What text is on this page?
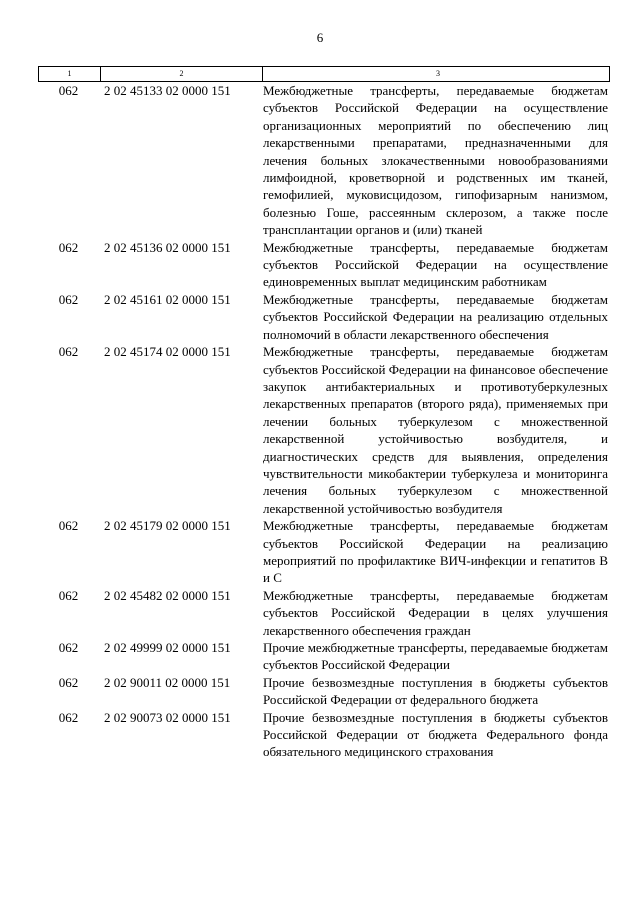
6
1	2	3
062	2 02 45133 02 0000 151	Межбюджетные трансферты, передаваемые бюджетам субъектов Российской Федерации на осуществление организационных мероприятий по обеспечению лиц лекарственными препаратами, предназначенными для лечения больных злокачественными новообразованиями лимфоидной, кроветворной и родственных им тканей, гемофилией, муковисцидозом, гипофизарным нанизмом, болезнью Гоше, рассеянным склерозом, а также после трансплантации органов и (или) тканей
062	2 02 45136 02 0000 151	Межбюджетные трансферты, передаваемые бюджетам субъектов Российской Федерации на осуществление единовременных выплат медицинским работникам
062	2 02 45161 02 0000 151	Межбюджетные трансферты, передаваемые бюджетам субъектов Российской Федерации на реализацию отдельных полномочий в области лекарственного обеспечения
062	2 02 45174 02 0000 151	Межбюджетные трансферты, передаваемые бюджетам субъектов Российской Федерации на финансовое обеспечение закупок антибактериальных и противотуберкулезных лекарственных препаратов (второго ряда), применяемых при лечении больных туберкулезом с множественной лекарственной устойчивостью возбудителя, и диагностических средств для выявления, определения чувствительности микобактерии туберкулеза и мониторинга лечения больных туберкулезом с множественной лекарственной устойчивостью возбудителя
062	2 02 45179 02 0000 151	Межбюджетные трансферты, передаваемые бюджетам субъектов Российской Федерации на реализацию мероприятий по профилактике ВИЧ-инфекции и гепатитов В и С
062	2 02 45482 02 0000 151	Межбюджетные трансферты, передаваемые бюджетам субъектов Российской Федерации в целях улучшения лекарственного обеспечения граждан
062	2 02 49999 02 0000 151	Прочие межбюджетные трансферты, передаваемые бюджетам субъектов Российской Федерации
062	2 02 90011 02 0000 151	Прочие безвозмездные поступления в бюджеты субъектов Российской Федерации от федерального бюджета
062	2 02 90073 02 0000 151	Прочие безвозмездные поступления в бюджеты субъектов Российской Федерации от бюджета Федерального фонда обязательного медицинского страхования
